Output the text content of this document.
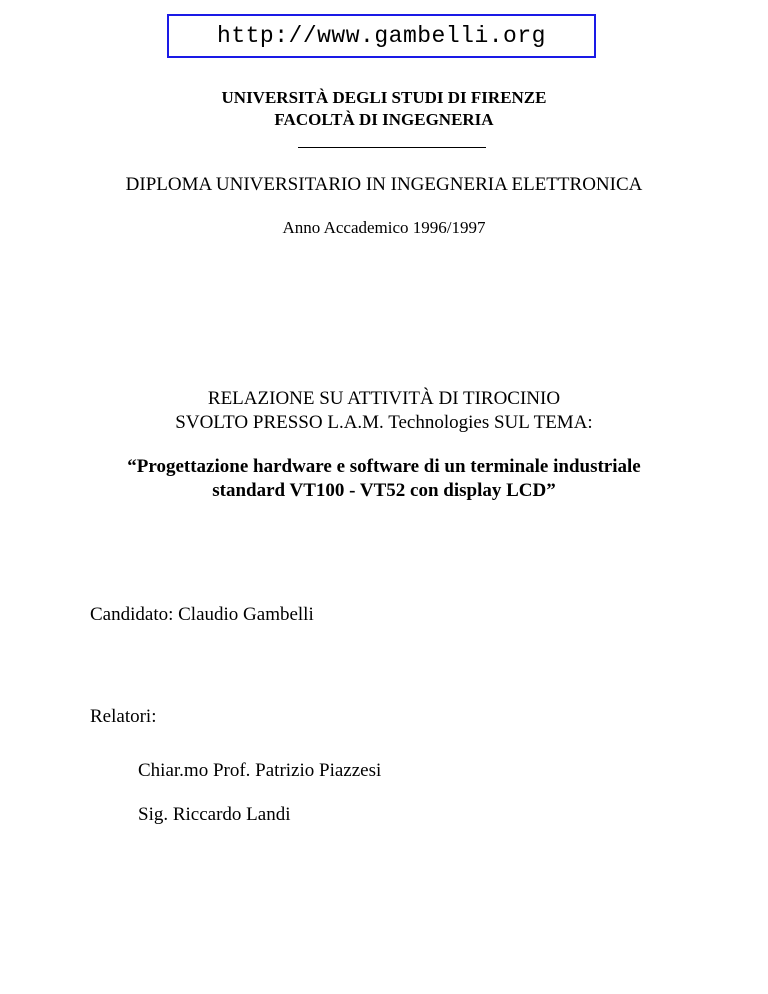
http://www.gambelli.org
UNIVERSITÀ DEGLI STUDI DI FIRENZE
FACOLTÀ DI INGEGNERIA
DIPLOMA UNIVERSITARIO IN INGEGNERIA ELETTRONICA
Anno Accademico 1996/1997
RELAZIONE SU ATTIVITÀ DI TIROCINIO
SVOLTO PRESSO L.A.M. Technologies SUL TEMA:
“Progettazione hardware e software di un terminale industriale
standard VT100 - VT52 con display LCD”
Candidato: Claudio Gambelli
Relatori:
Chiar.mo Prof. Patrizio Piazzesi
Sig. Riccardo Landi
